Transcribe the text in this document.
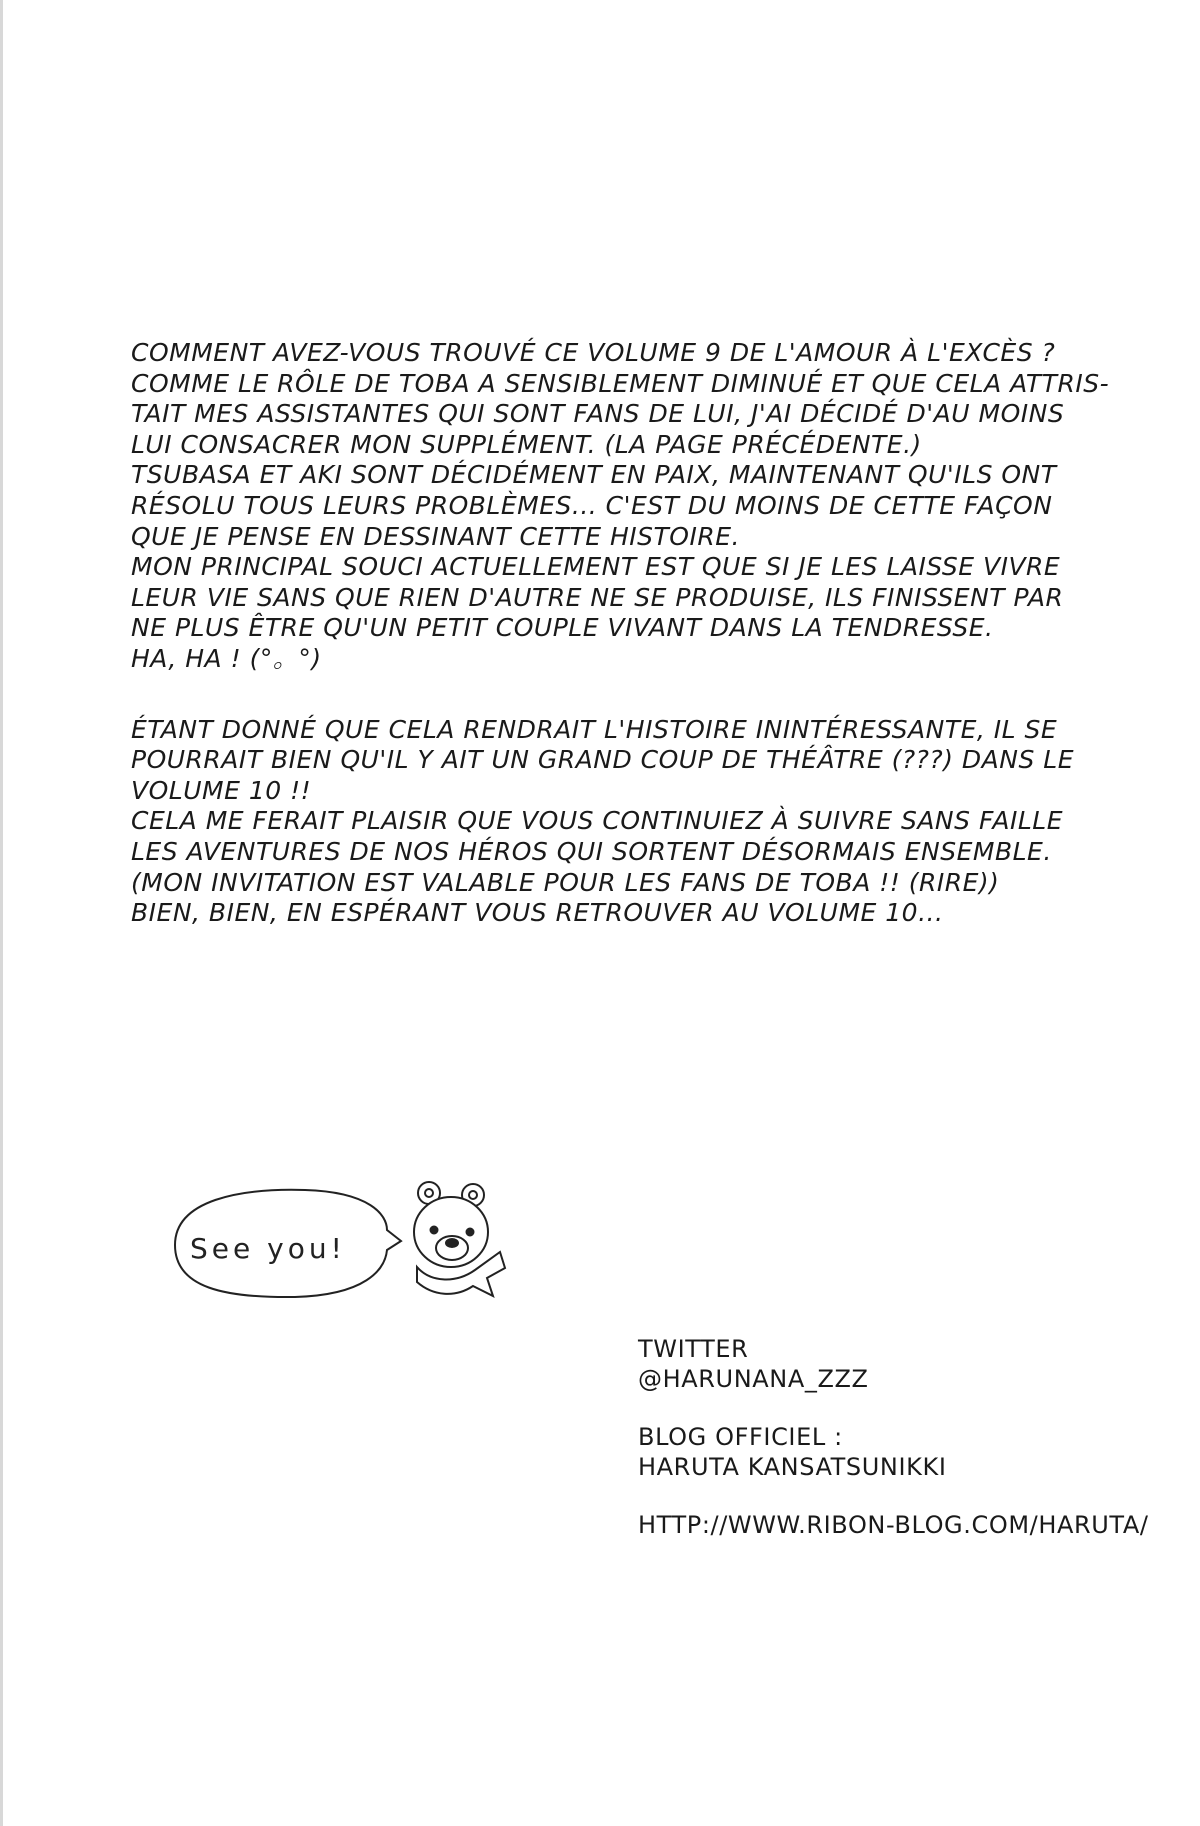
COMMENT AVEZ-VOUS TROUVÉ CE VOLUME 9 DE L'AMOUR À L'EXCÈS ?
COMME LE RÔLE DE TOBA A SENSIBLEMENT DIMINUÉ ET QUE CELA ATTRIS-
TAIT MES ASSISTANTES QUI SONT FANS DE LUI, J'AI DÉCIDÉ D'AU MOINS
LUI CONSACRER MON SUPPLÉMENT. (LA PAGE PRÉCÉDENTE.)
TSUBASA ET AKI SONT DÉCIDÉMENT EN PAIX, MAINTENANT QU'ILS ONT
RÉSOLU TOUS LEURS PROBLÈMES... C'EST DU MOINS DE CETTE FAÇON
QUE JE PENSE EN DESSINANT CETTE HISTOIRE.
MON PRINCIPAL SOUCI ACTUELLEMENT EST QUE SI JE LES LAISSE VIVRE
LEUR VIE SANS QUE RIEN D'AUTRE NE SE PRODUISE, ILS FINISSENT PAR
NE PLUS ÊTRE QU'UN PETIT COUPLE VIVANT DANS LA TENDRESSE.
HA, HA ! (°。°)
ÉTANT DONNÉ QUE CELA RENDRAIT L'HISTOIRE ININTÉRESSANTE, IL SE
POURRAIT BIEN QU'IL Y AIT UN GRAND COUP DE THÉÂTRE (???) DANS LE
VOLUME 10 !!
CELA ME FERAIT PLAISIR QUE VOUS CONTINUIEZ À SUIVRE SANS FAILLE
LES AVENTURES DE NOS HÉROS QUI SORTENT DÉSORMAIS ENSEMBLE.
(MON INVITATION EST VALABLE POUR LES FANS DE TOBA !! (RIRE))
BIEN, BIEN, EN ESPÉRANT VOUS RETROUVER AU VOLUME 10...
See you!
TWITTER
@HARUNANA_ZZZ
BLOG OFFICIEL :
HARUTA KANSATSUNIKKI
HTTP://WWW.RIBON-BLOG.COM/HARUTA/
